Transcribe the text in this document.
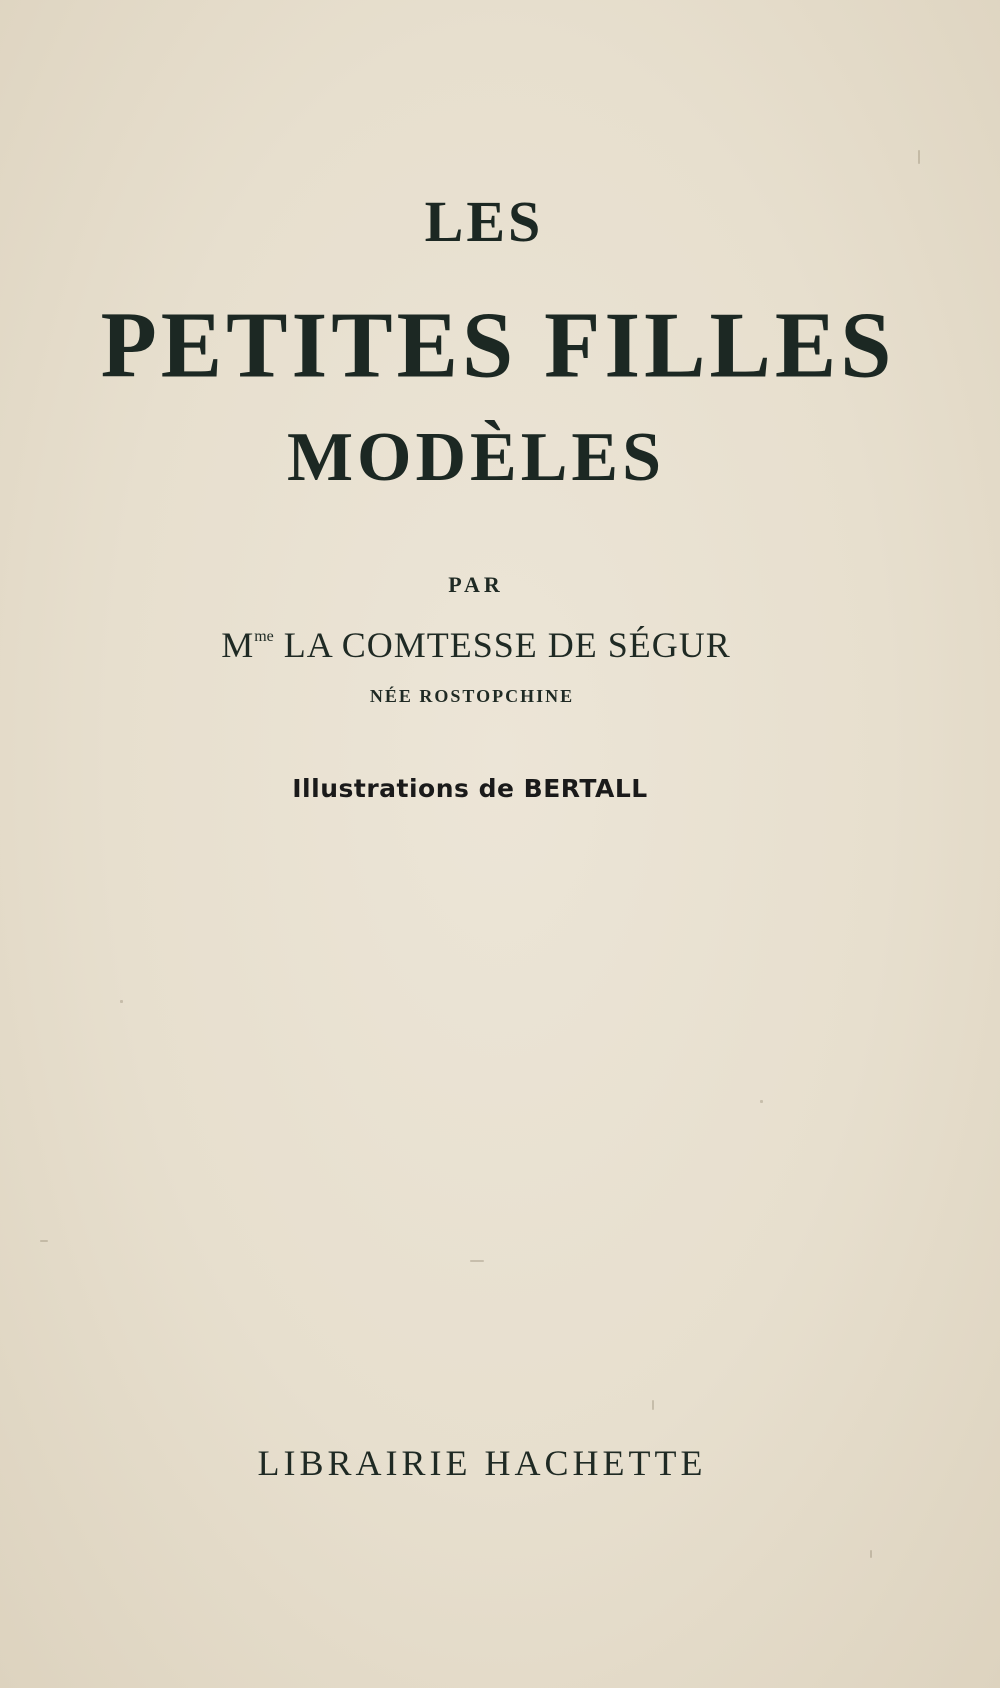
LES
PETITES FILLES
MODÈLES
PAR
$M^{me}$ LA COMTESSE DE SÉGUR
NÉE ROSTOPCHINE
Illustrations de BERTALL
LIBRAIRIE HACHETTE
